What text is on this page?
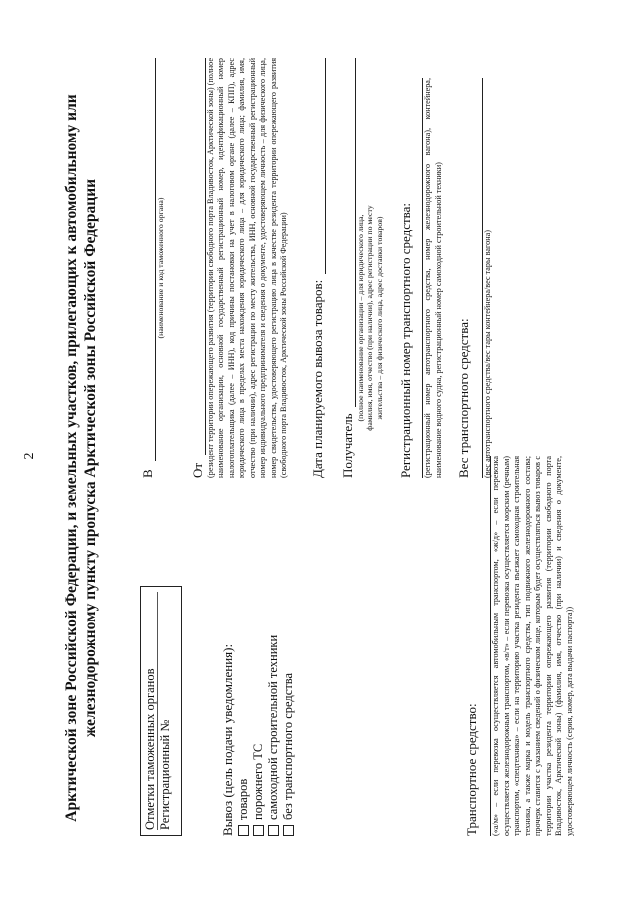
2 Арктической зоне Российской Федерации, и земельных участков, прилегающих к автомобильному или железнодорожному пункту пропуска Арктической зоны Российской Федерации
Отметки таможенных органов Регистрационный №	Вывоз (цель подачи уведомления): товаров порожнего ТС самоходной строительной техники без транспортного средства	Транспортное средство: («а/м» – если перевозка осуществляется автомобильным транспортом, «ж/д» – если перевозка осуществляется железнодорожным транспортом, «в/т» – если перевозка осуществляется морским (речным) транспортом, «спецтехника» – если на территорию участка резидента въезжает самоходная строительная техника, а также марка и модель транспортного средства, тип подвижного железнодорожного состава; прочерк ставится с указанием сведений о физическом лице, которым будет осуществляться вывоз товаров с территории участка резидента территории опережающего развития (территории свободного порта Владивосток, Арктической зоны) (фамилия, имя, отчество (при наличии) и сведения о документе, удостоверяющем личность (серия, номер, дата выдачи паспорта))
В
(наименование и код таможенного органа)
От (резидент территории опережающего развития (территории свободного порта Владивосток, Арктической зоны) (полное наименование организации, основной государственный регистрационный номер, идентификационный номер налогоплательщика (далее – ИНН), код причины постановки на учет в налоговом органе (далее – КПП), адрес юридического лица в пределах места нахождения юридического лица – для юридического лица; фамилия, имя, отчество (при наличии), адрес регистрации по месту жительства, ИНН, основной государственный регистрационный номер индивидуального предпринимателя и сведения о документе, удостоверяющем личность – для физического лица, номер свидетельства, удостоверяющего регистрацию лица в качестве резидента территории опережающего развития (свободного порта Владивосток, Арктической зоны Российской Федерации) Дата планируемого вывоза товаров: Получатель
(полное наименование организации – для юридического лица, фамилия, имя, отчество (при наличии), адрес регистрации по месту жительства – для физического лица, адрес доставки товаров) Регистрационный номер транспортного средства: (регистрационный номер автотранспортного средства, номер железнодорожного вагона), контейнера, наименование водного судна, регистрационный номер самоходной строительной техники) Вес транспортного средства: (вес автотранспортного средства/вес тары контейнера/вес тары вагона)
